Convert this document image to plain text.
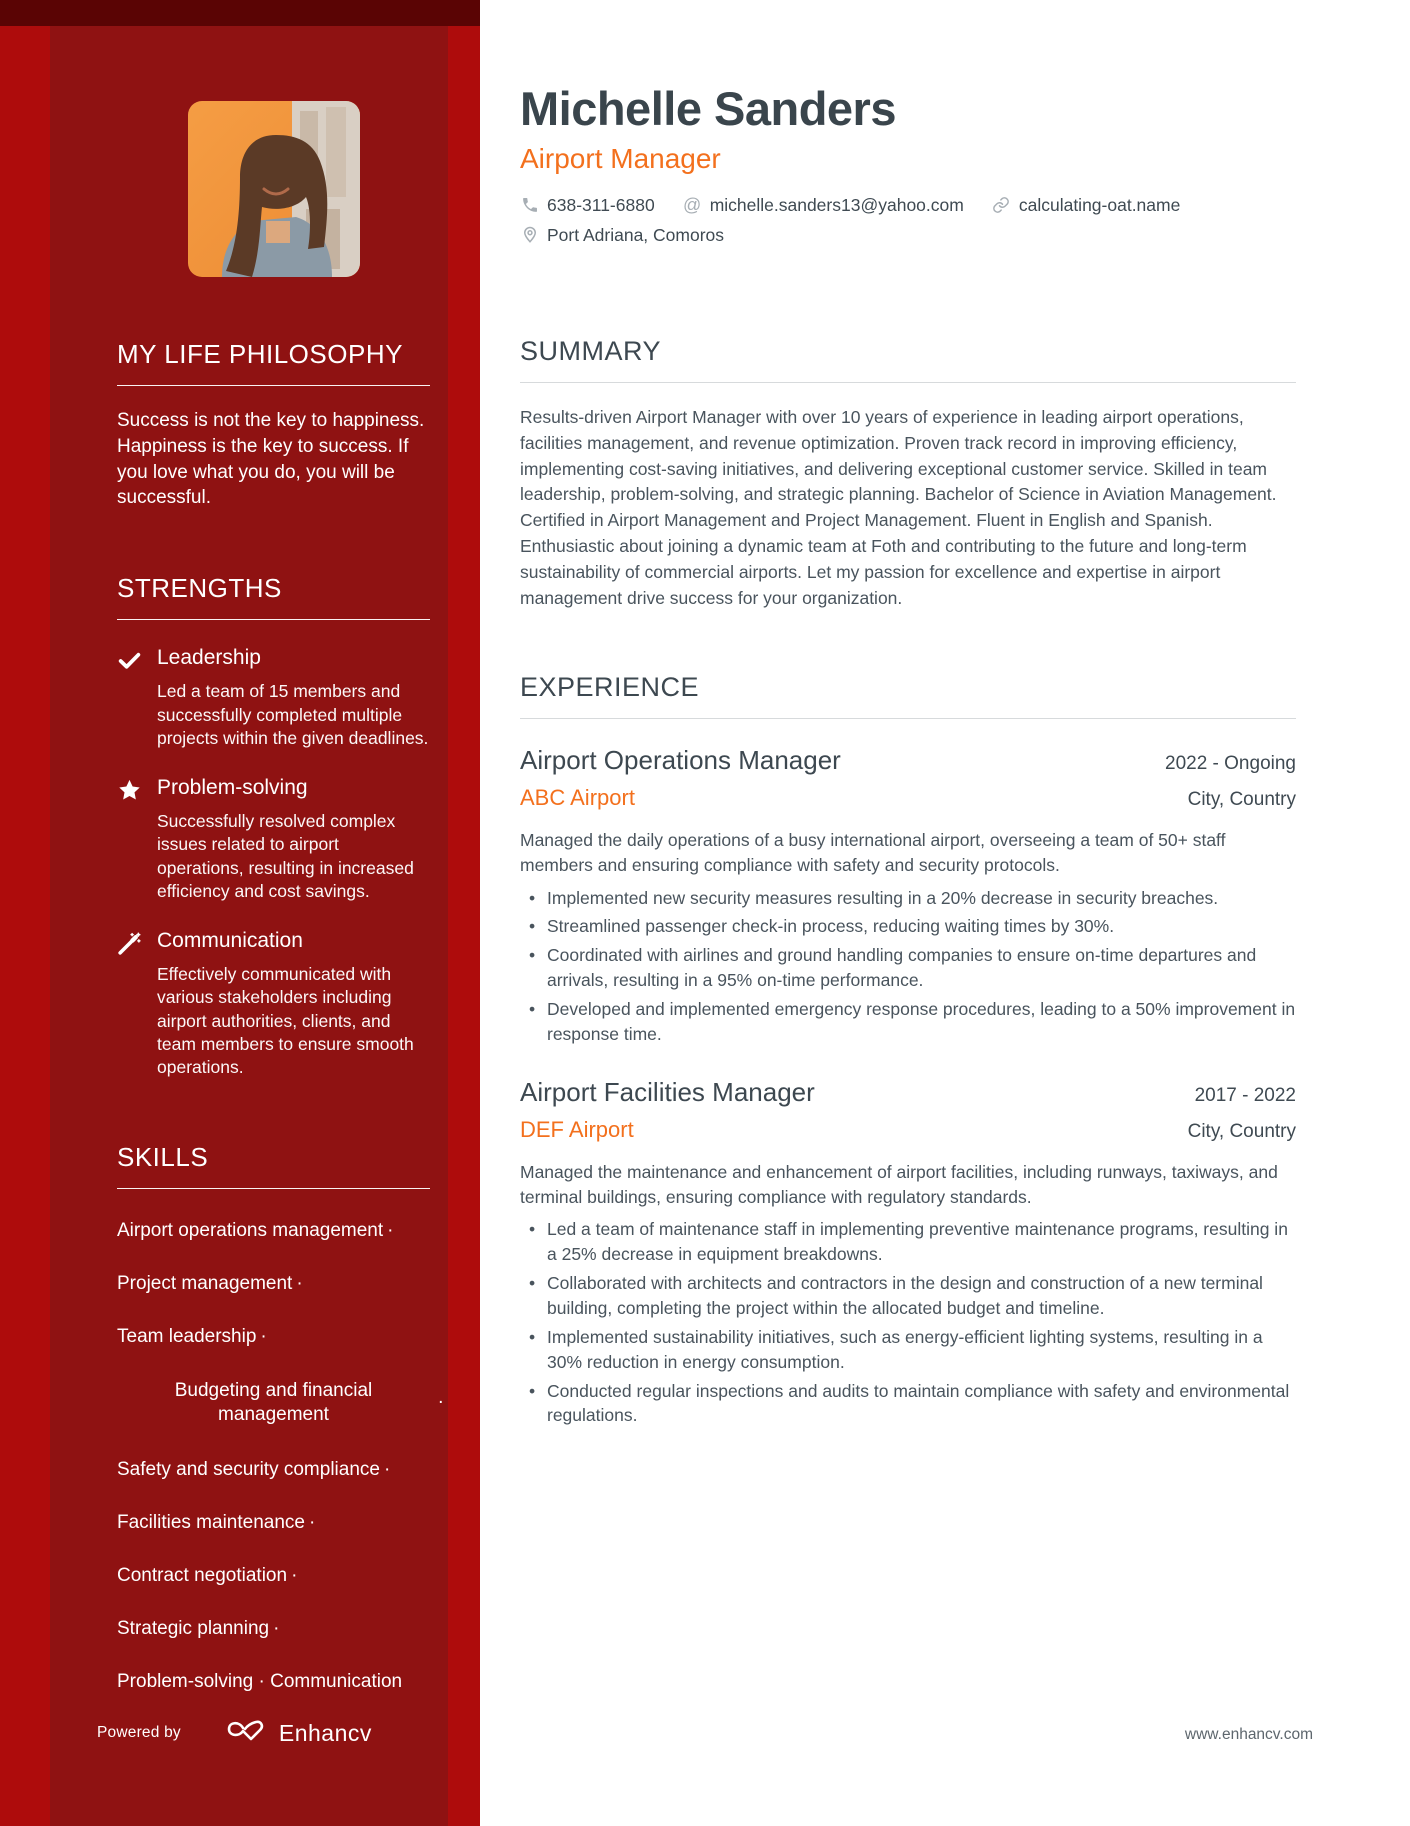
MY LIFE PHILOSOPHY

Success is not the key to happiness. Happiness is the key to success. If you love what you do, you will be successful.

STRENGTHS
Leadership
Led a team of 15 members and successfully completed multiple projects within the given deadlines.
Problem-solving
Successfully resolved complex issues related to airport operations, resulting in increased efficiency and cost savings.
Communication
Effectively communicated with various stakeholders including airport authorities, clients, and team members to ensure smooth operations.
SKILLS
Airport operations management ·
Project management ·
Team leadership ·
Budgeting and financial management
·
Safety and security compliance ·
Facilities maintenance ·
Contract negotiation ·
Strategic planning ·
Problem-solving · Communication
Powered by	Enhancv
Michelle Sanders
Airport Manager
638-311-6880 @ michelle.sanders13@yahoo.com	calculating-oat.name
Port Adriana, Comoros
SUMMARY

Results-driven Airport Manager with over 10 years of experience in leading airport operations, facilities management, and revenue optimization. Proven track record in improving efficiency, implementing cost-saving initiatives, and delivering exceptional customer service. Skilled in team leadership, problem-solving, and strategic planning. Bachelor of Science in Aviation Management. Certified in Airport Management and Project Management. Fluent in English and Spanish. Enthusiastic about joining a dynamic team at Foth and contributing to the future and long-term sustainability of commercial airports. Let my passion for excellence and expertise in airport management drive success for your organization.

EXPERIENCE
Airport Operations Manager	2022 - Ongoing
ABC Airport	City, Country

Managed the daily operations of a busy international airport, overseeing a team of 50+ staff members and ensuring compliance with safety and security protocols.

• Implemented new security measures resulting in a 20% decrease in security breaches.
• Streamlined passenger check-in process, reducing waiting times by 30%.
• Coordinated with airlines and ground handling companies to ensure on-time departures and arrivals, resulting in a 95% on-time performance.
• Developed and implemented emergency response procedures, leading to a 50% improvement in response time.
Airport Facilities Manager	2017 - 2022
DEF Airport	City, Country

Managed the maintenance and enhancement of airport facilities, including runways, taxiways, and terminal buildings, ensuring compliance with regulatory standards.

• Led a team of maintenance staff in implementing preventive maintenance programs, resulting in a 25% decrease in equipment breakdowns.
• Collaborated with architects and contractors in the design and construction of a new terminal building, completing the project within the allocated budget and timeline.
• Implemented sustainability initiatives, such as energy-efficient lighting systems, resulting in a 30% reduction in energy consumption.
• Conducted regular inspections and audits to maintain compliance with safety and environmental regulations.
www.enhancv.com
